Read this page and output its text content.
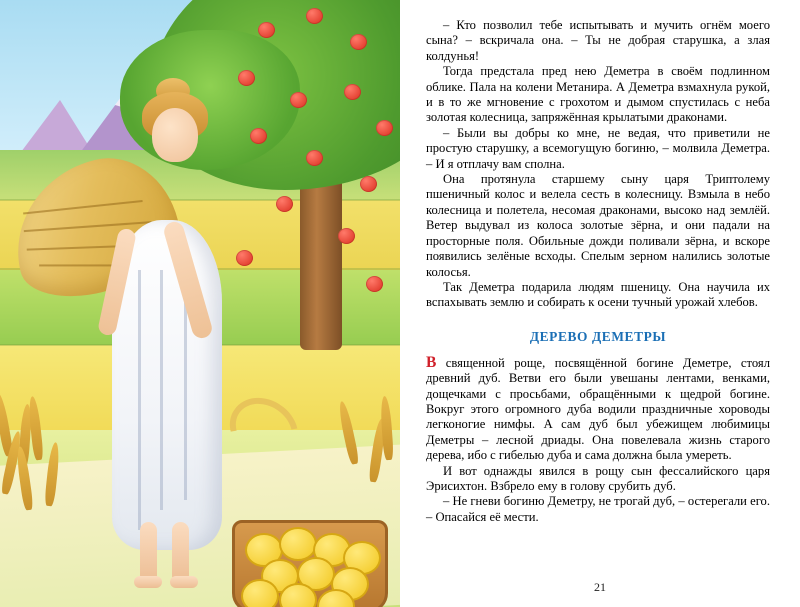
– Кто позволил тебе испытывать и мучить огнём моего сына? – вскричала она. – Ты не добрая старушка, а злая колдунья!

Тогда предстала пред нею Деметра в своём подлинном облике. Пала на колени Метанира. А Деметра взмахнула рукой, и в то же мгновение с грохотом и дымом спустилась с неба золотая колесница, запряжённая крылатыми драконами.

– Были вы добры ко мне, не ведая, что приветили не простую старушку, а всемогущую богиню, – молвила Деметра. – И я отплачу вам сполна.

Она протянула старшему сыну царя Триптолему пшеничный колос и велела сесть в колесницу. Взмыла в небо колесница и полетела, несомая драконами, высоко над землёй. Ветер выдувал из колоса золотые зёрна, и они падали на просторные поля. Обильные дожди поливали зёрна, и вскоре появились зелёные всходы. Спелым зерном налились золотые колосья.

Так Деметра подарила людям пшеницу. Она научила их вспахывать землю и собирать к осени тучный урожай хлебов.

ДЕРЕВО ДЕМЕТРЫ

В священной роще, посвящённой богине Деметре, стоял древний дуб. Ветви его были увешаны лентами, венками, дощечками с просьбами, обращёнными к щедрой богине. Вокруг этого огромного дуба водили праздничные хороводы легконогие нимфы. А сам дуб был убежищем любимицы Деметры – лесной дриады. Она повелевала жизнь старого дерева, ибо с гибелью дуба и сама должна была умереть.

И вот однажды явился в рощу сын фессалийского царя Эрисихтон. Взбрело ему в голову срубить дуб.

– Не гневи богиню Деметру, не трогай дуб, – остерегали его. – Опасайся её мести.

21
